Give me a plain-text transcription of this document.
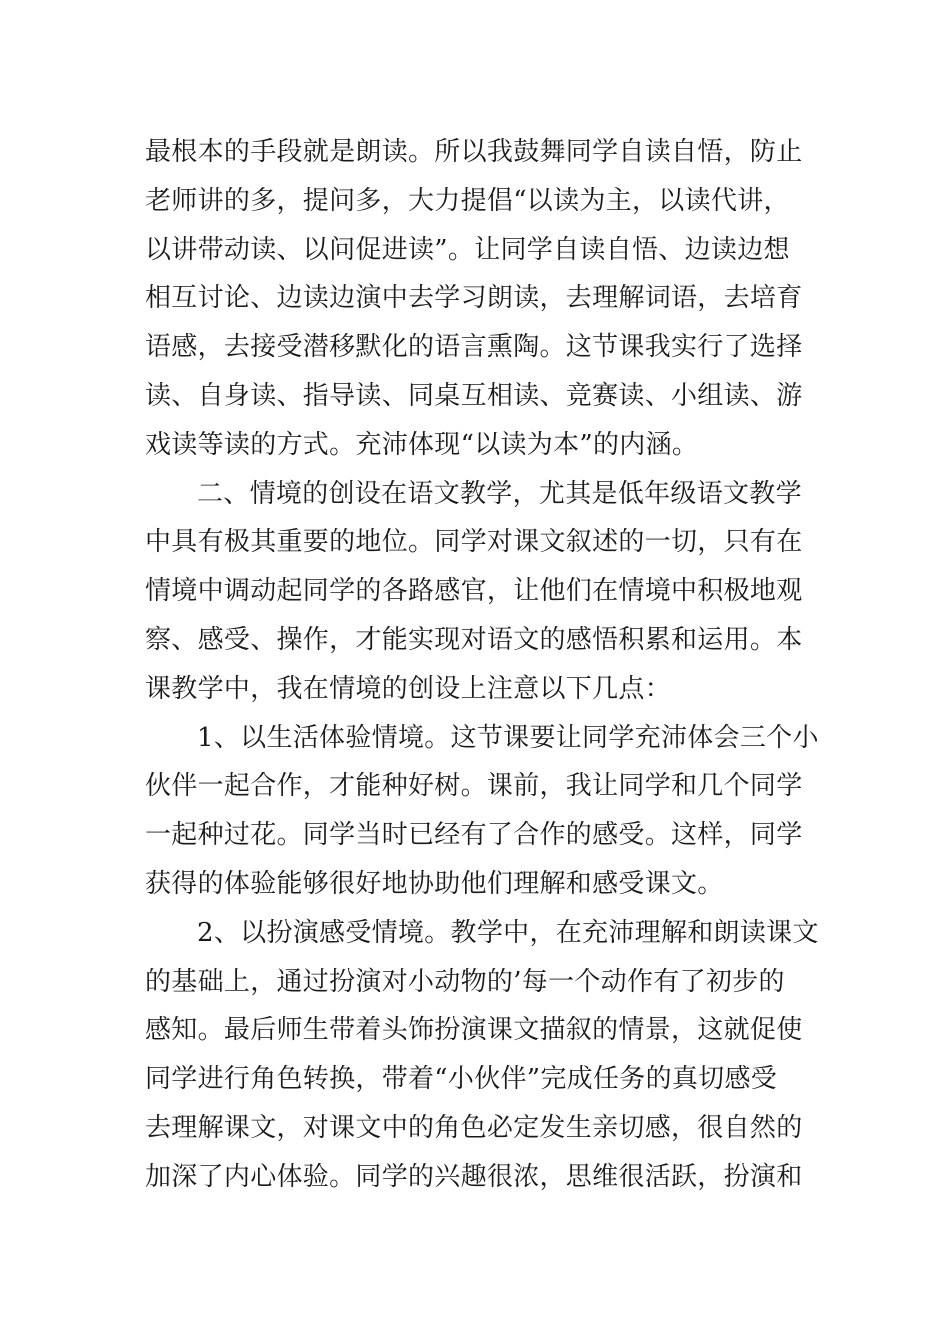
最根本的手段就是朗读。所以我鼓舞同学自读自悟，防止
老师讲的多，提问多，大力提倡“以读为主，以读代讲，
以讲带动读、以问促进读”。让同学自读自悟、边读边想
相互讨论、边读边演中去学习朗读，去理解词语，去培育
语感，去接受潜移默化的语言熏陶。这节课我实行了选择
读、自身读、指导读、同桌互相读、竞赛读、小组读、游
戏读等读的方式。充沛体现“以读为本”的内涵。
二、情境的创设在语文教学，尤其是低年级语文教学
中具有极其重要的地位。同学对课文叙述的一切，只有在
情境中调动起同学的各路感官，让他们在情境中积极地观
察、感受、操作，才能实现对语文的感悟积累和运用。本
课教学中，我在情境的创设上注意以下几点：
1、以生活体验情境。这节课要让同学充沛体会三个小
伙伴一起合作，才能种好树。课前，我让同学和几个同学
一起种过花。同学当时已经有了合作的感受。这样，同学
获得的体验能够很好地协助他们理解和感受课文。
2、以扮演感受情境。教学中，在充沛理解和朗读课文
的基础上，通过扮演对小动物的’每一个动作有了初步的
感知。最后师生带着头饰扮演课文描叙的情景，这就促使
同学进行角色转换，带着“小伙伴”完成任务的真切感受
去理解课文，对课文中的角色必定发生亲切感，很自然的
加深了内心体验。同学的兴趣很浓，思维很活跃，扮演和
